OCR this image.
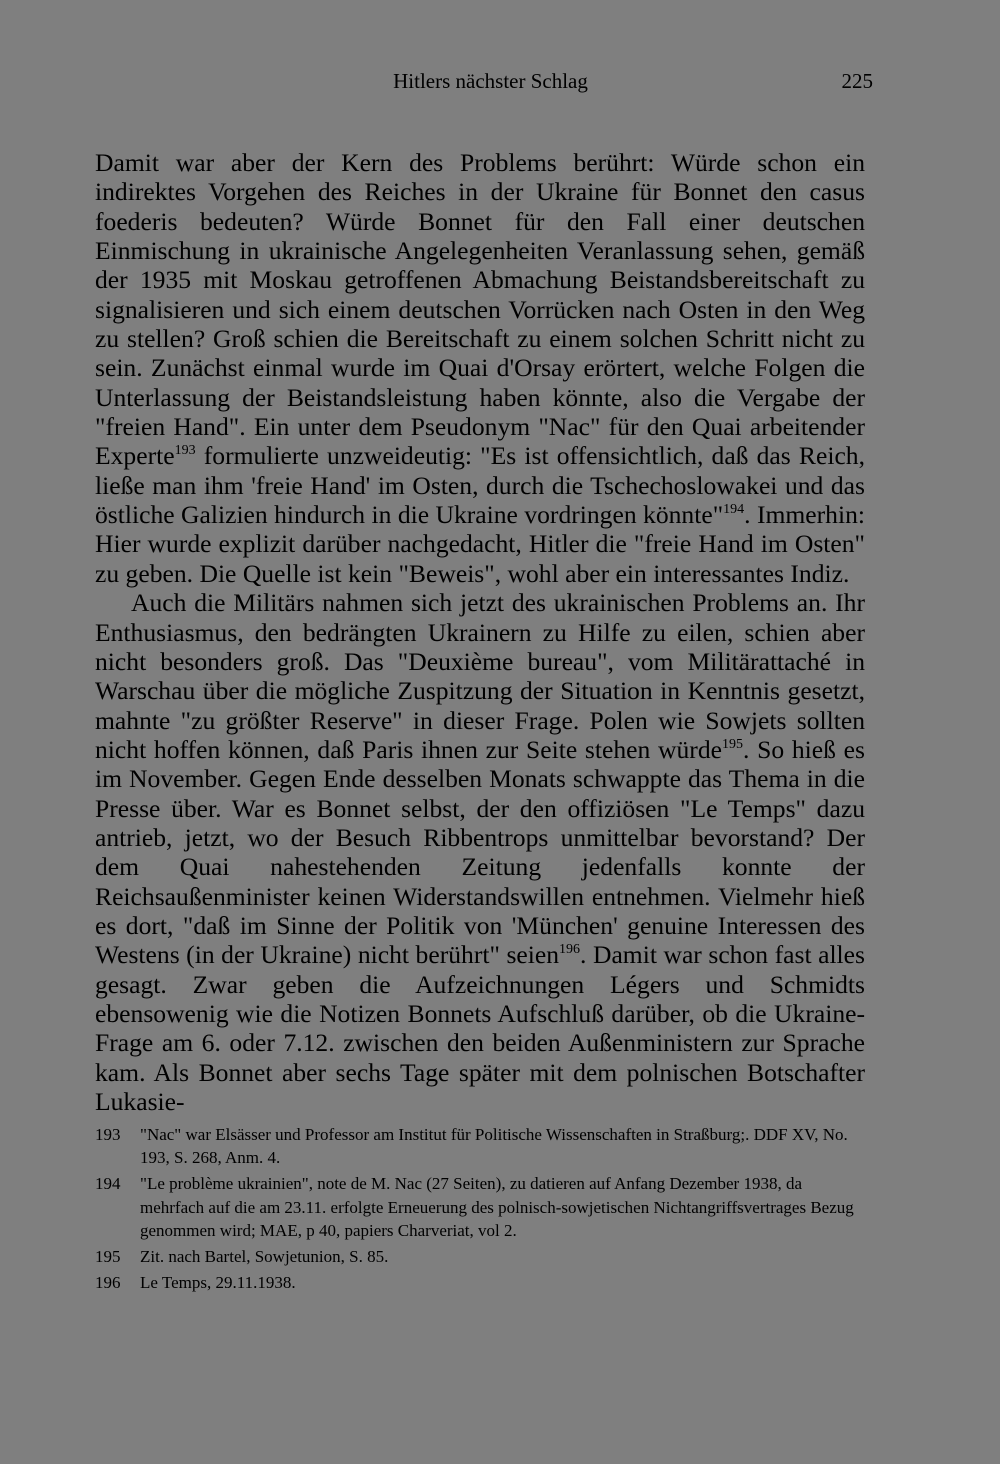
Hitlers nächster Schlag	225

Damit war aber der Kern des Problems berührt: Würde schon ein indirektes Vorgehen des Reiches in der Ukraine für Bonnet den casus foederis bedeuten? Würde Bonnet für den Fall einer deutschen Einmischung in ukrainische Angelegenheiten Veranlassung sehen, gemäß der 1935 mit Moskau getroffenen Abmachung Beistandsbereitschaft zu signalisieren und sich einem deutschen Vorrücken nach Osten in den Weg zu stellen? Groß schien die Bereitschaft zu einem solchen Schritt nicht zu sein. Zunächst einmal wurde im Quai d'Orsay erörtert, welche Folgen die Unterlassung der Beistandsleistung haben könnte, also die Vergabe der "freien Hand". Ein unter dem Pseudonym "Nac" für den Quai arbeitender Experte$^{193}$ formulierte unzweideutig: "Es ist offensichtlich, daß das Reich, ließe man ihm 'freie Hand' im Osten, durch die Tschechoslowakei und das östliche Galizien hindurch in die Ukraine vordringen könnte"$^{194}$. Immerhin: Hier wurde explizit darüber nachgedacht, Hitler die "freie Hand im Osten" zu geben. Die Quelle ist kein "Beweis", wohl aber ein interessantes Indiz.

Auch die Militärs nahmen sich jetzt des ukrainischen Problems an. Ihr Enthusiasmus, den bedrängten Ukrainern zu Hilfe zu eilen, schien aber nicht besonders groß. Das "Deuxième bureau", vom Militärattaché in Warschau über die mögliche Zuspitzung der Situation in Kenntnis gesetzt, mahnte "zu größter Reserve" in dieser Frage. Polen wie Sowjets sollten nicht hoffen können, daß Paris ihnen zur Seite stehen würde$^{195}$. So hieß es im November. Gegen Ende desselben Monats schwappte das Thema in die Presse über. War es Bonnet selbst, der den offiziösen "Le Temps" dazu antrieb, jetzt, wo der Besuch Ribbentrops unmittelbar bevorstand? Der dem Quai nahestehenden Zeitung jedenfalls konnte der Reichsaußenminister keinen Widerstandswillen entnehmen. Vielmehr hieß es dort, "daß im Sinne der Politik von 'München' genuine Interessen des Westens (in der Ukraine) nicht berührt" seien$^{196}$. Damit war schon fast alles gesagt. Zwar geben die Aufzeichnungen Légers und Schmidts ebensowenig wie die Notizen Bonnets Aufschluß darüber, ob die Ukraine-Frage am 6. oder 7.12. zwischen den beiden Außenministern zur Sprache kam. Als Bonnet aber sechs Tage später mit dem polnischen Botschafter Lukasie-

193	"Nac" war Elsässer und Professor am Institut für Politische Wissenschaften in Straßburg;. DDF XV, No. 193, S. 268, Anm. 4.
194	"Le problème ukrainien", note de M. Nac (27 Seiten), zu datieren auf Anfang Dezember 1938, da mehrfach auf die am 23.11. erfolgte Erneuerung des polnisch-sowjetischen Nichtangriffsvertrages Bezug genommen wird; MAE, p 40, papiers Charveriat, vol 2.
195	Zit. nach Bartel, Sowjetunion, S. 85.
196	Le Temps, 29.11.1938.
